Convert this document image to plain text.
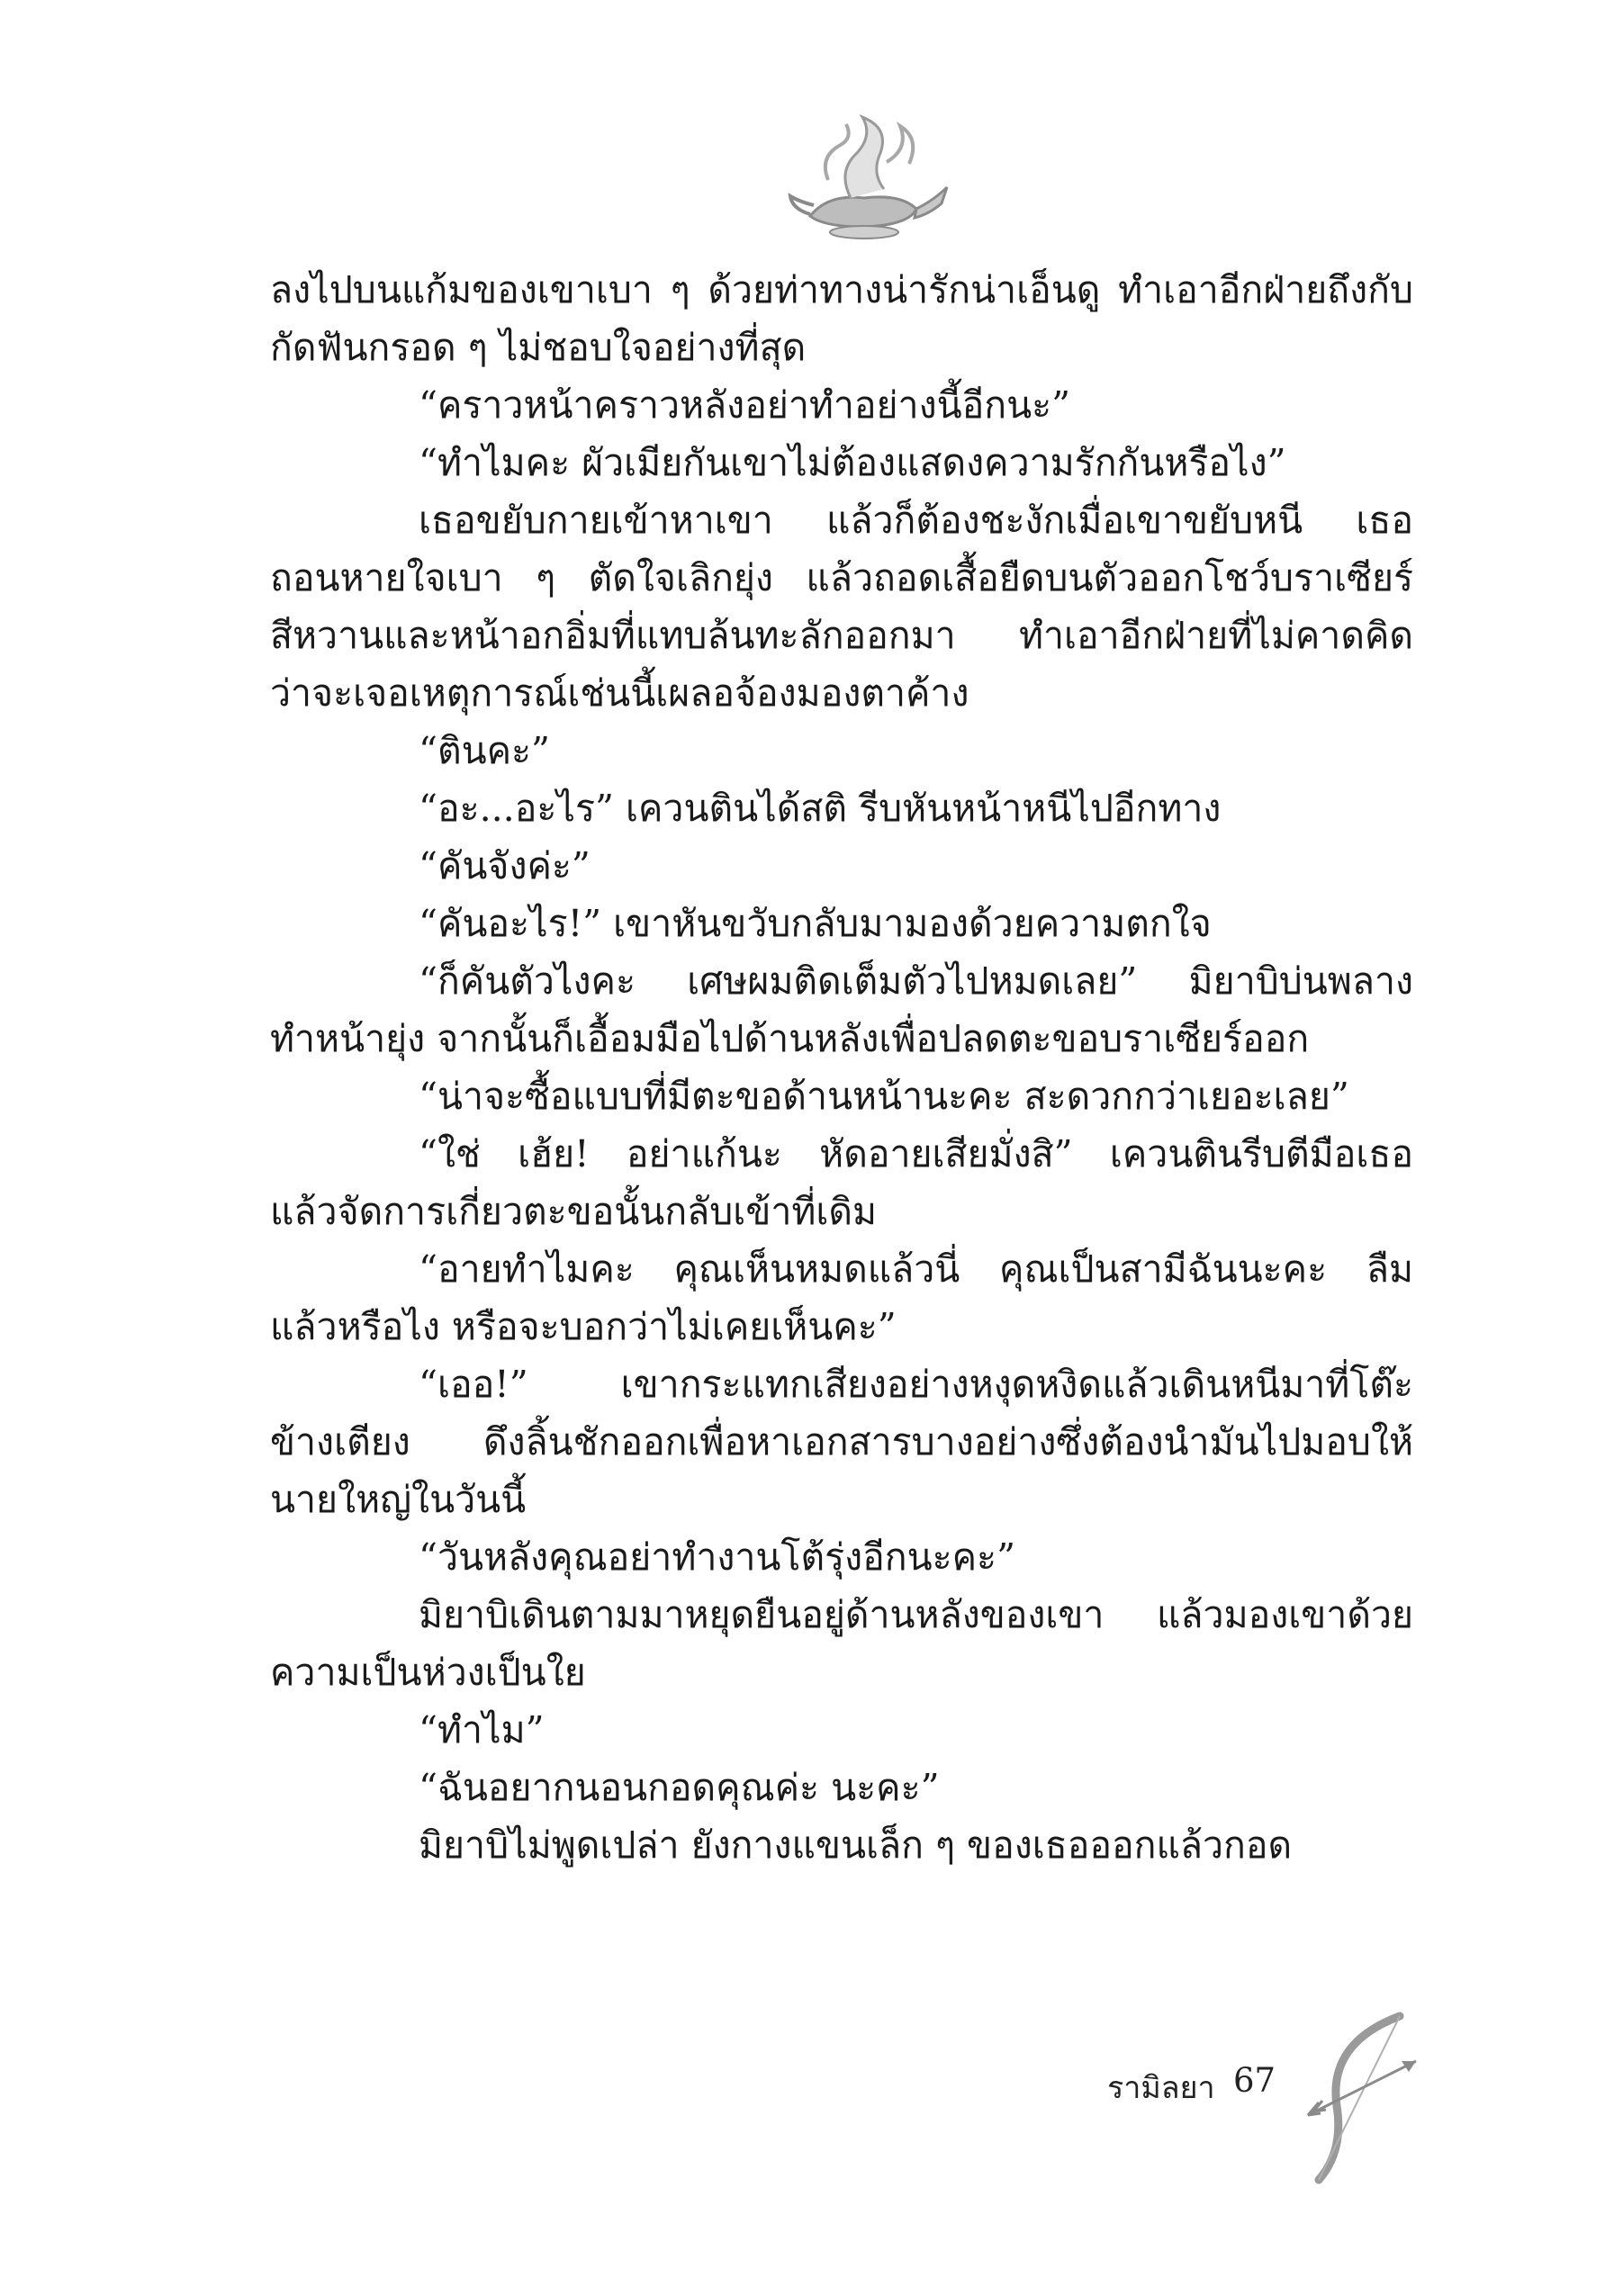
ลงไปบนแก้มของเขาเบา ๆ ด้วยท่าทางน่ารักน่าเอ็นดู ทำเอาอีกฝ่ายถึงกับ
กัดฟันกรอด ๆ ไม่ชอบใจอย่างที่สุด
“คราวหน้าคราวหลังอย่าทำอย่างนี้อีกนะ”
“ทำไมคะ ผัวเมียกันเขาไม่ต้องแสดงความรักกันหรือไง”
เธอขยับกายเข้าหาเขา แล้วก็ต้องชะงักเมื่อเขาขยับหนี เธอ
ถอนหายใจเบา ๆ ตัดใจเลิกยุ่ง แล้วถอดเสื้อยืดบนตัวออกโชว์บราเซียร์
สีหวานและหน้าอกอิ่มที่แทบล้นทะลักออกมา ทำเอาอีกฝ่ายที่ไม่คาดคิด
ว่าจะเจอเหตุการณ์เช่นนี้เผลอจ้องมองตาค้าง
“ตินคะ”
“อะ...อะไร” เควนตินได้สติ รีบหันหน้าหนีไปอีกทาง
“คันจังค่ะ”
“คันอะไร!” เขาหันขวับกลับมามองด้วยความตกใจ
“ก็คันตัวไงคะ เศษผมติดเต็มตัวไปหมดเลย” มิยาบิบ่นพลาง
ทำหน้ายุ่ง จากนั้นก็เอื้อมมือไปด้านหลังเพื่อปลดตะขอบราเซียร์ออก
“น่าจะซื้อแบบที่มีตะขอด้านหน้านะคะ สะดวกกว่าเยอะเลย”
“ใช่ เฮ้ย! อย่าแก้นะ หัดอายเสียมั่งสิ” เควนตินรีบตีมือเธอ
แล้วจัดการเกี่ยวตะขอนั้นกลับเข้าที่เดิม
“อายทำไมคะ คุณเห็นหมดแล้วนี่ คุณเป็นสามีฉันนะคะ ลืม
แล้วหรือไง หรือจะบอกว่าไม่เคยเห็นคะ”
“เออ!” เขากระแทกเสียงอย่างหงุดหงิดแล้วเดินหนีมาที่โต๊ะ
ข้างเตียง ดึงลิ้นชักออกเพื่อหาเอกสารบางอย่างซึ่งต้องนำมันไปมอบให้
นายใหญ่ในวันนี้
“วันหลังคุณอย่าทำงานโต้รุ่งอีกนะคะ”
มิยาบิเดินตามมาหยุดยืนอยู่ด้านหลังของเขา แล้วมองเขาด้วย
ความเป็นห่วงเป็นใย
“ทำไม”
“ฉันอยากนอนกอดคุณค่ะ นะคะ”
มิยาบิไม่พูดเปล่า ยังกางแขนเล็ก ๆ ของเธอออกแล้วกอด
รามิลยา 67
